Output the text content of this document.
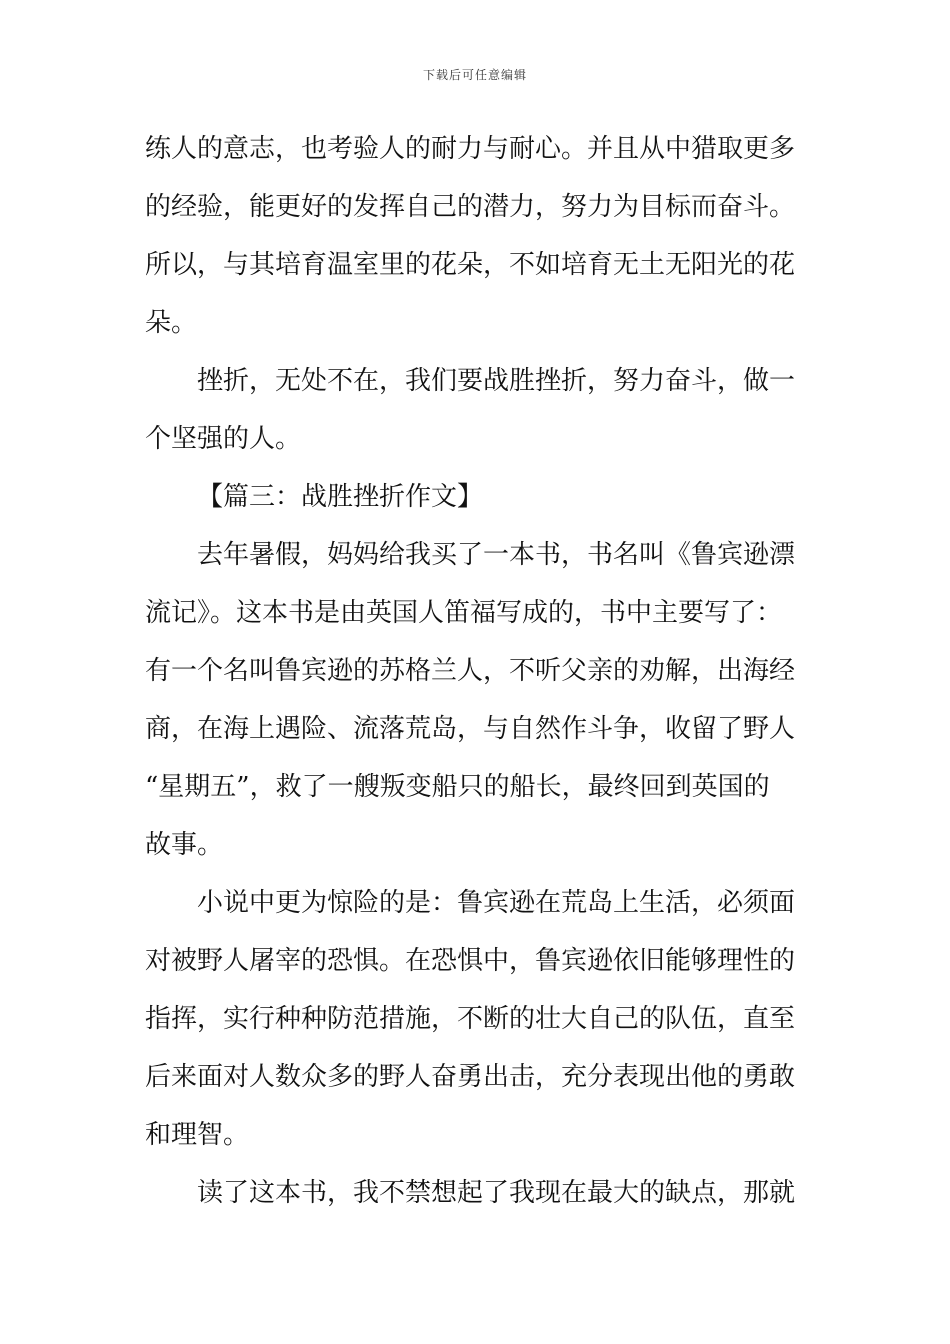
下载后可任意编辑
练人的意志，也考验人的耐力与耐心。并且从中猎取更多
的经验，能更好的发挥自己的潜力，努力为目标而奋斗。
所以，与其培育温室里的花朵，不如培育无土无阳光的花
朵。
挫折，无处不在，我们要战胜挫折，努力奋斗，做一
个坚强的人。
【篇三：战胜挫折作文】
去年暑假，妈妈给我买了一本书，书名叫《鲁宾逊漂
流记》。这本书是由英国人笛福写成的，书中主要写了：
有一个名叫鲁宾逊的苏格兰人，不听父亲的劝解，出海经
商，在海上遇险、流落荒岛，与自然作斗争，收留了野人
“星期五”，救了一艘叛变船只的船长，最终回到英国的
故事。
小说中更为惊险的是：鲁宾逊在荒岛上生活，必须面
对被野人屠宰的恐惧。在恐惧中，鲁宾逊依旧能够理性的
指挥，实行种种防范措施，不断的壮大自己的队伍，直至
后来面对人数众多的野人奋勇出击，充分表现出他的勇敢
和理智。
读了这本书，我不禁想起了我现在最大的缺点，那就
